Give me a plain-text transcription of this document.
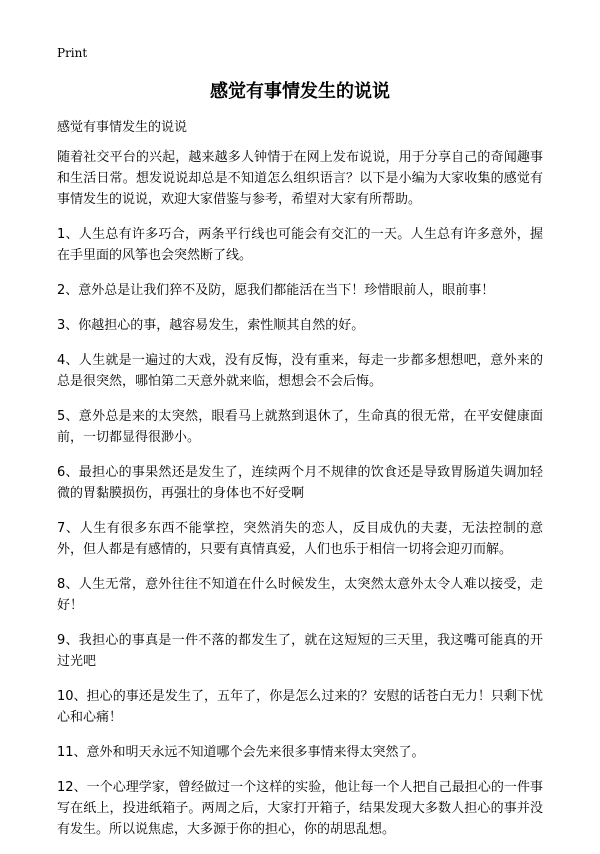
Print
感觉有事情发生的说说

感觉有事情发生的说说

随着社交平台的兴起，越来越多人钟情于在网上发布说说，用于分享自己的奇闻趣事和生活日常。想发说说却总是不知道怎么组织语言？以下是小编为大家收集的感觉有事情发生的说说，欢迎大家借鉴与参考，希望对大家有所帮助。

1、人生总有许多巧合，两条平行线也可能会有交汇的一天。人生总有许多意外，握在手里面的风筝也会突然断了线。

2、意外总是让我们猝不及防，愿我们都能活在当下！珍惜眼前人，眼前事！

3、你越担心的事，越容易发生，索性顺其自然的好。

4、人生就是一遍过的大戏，没有反悔，没有重来，每走一步都多想想吧，意外来的总是很突然，哪怕第二天意外就来临，想想会不会后悔。

5、意外总是来的太突然，眼看马上就熬到退休了，生命真的很无常，在平安健康面前，一切都显得很渺小。

6、最担心的事果然还是发生了，连续两个月不规律的饮食还是导致胃肠道失调加轻微的胃黏膜损伤，再强壮的身体也不好受啊

7、人生有很多东西不能掌控，突然消失的恋人，反目成仇的夫妻，无法控制的意外，但人都是有感情的，只要有真情真爱，人们也乐于相信一切将会迎刃而解。

8、人生无常，意外往往不知道在什么时候发生，太突然太意外太令人难以接受，走好！

9、我担心的事真是一件不落的都发生了，就在这短短的三天里，我这嘴可能真的开过光吧

10、担心的事还是发生了，五年了，你是怎么过来的？安慰的话苍白无力！只剩下忧心和心痛！

11、意外和明天永远不知道哪个会先来很多事情来得太突然了。

12、一个心理学家，曾经做过一个这样的实验，他让每一个人把自己最担心的一件事写在纸上，投进纸箱子。两周之后，大家打开箱子，结果发现大多数人担心的事并没有发生。所以说焦虑，大多源于你的担心，你的胡思乱想。
